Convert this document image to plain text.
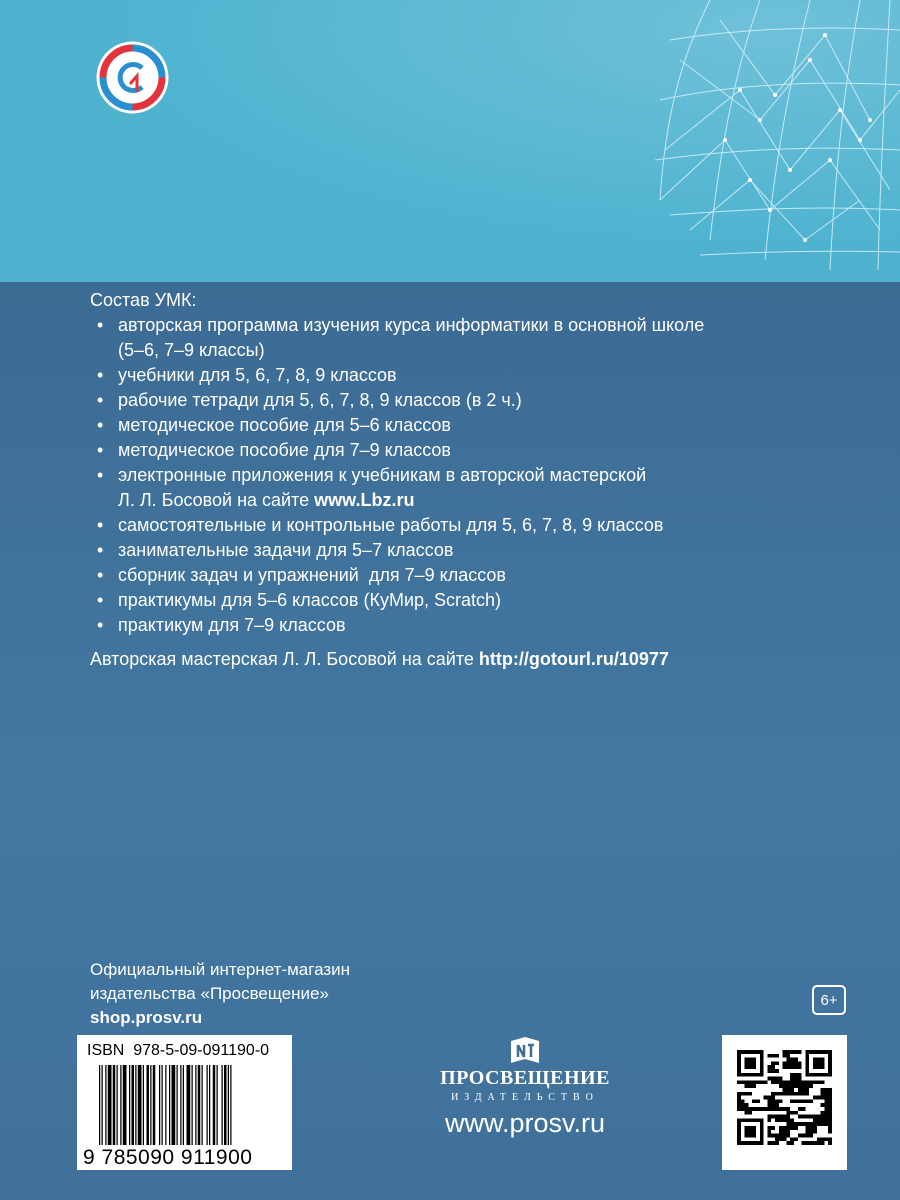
Состав УМК:
• авторская программа изучения курса информатики в основной школе
(5–6, 7–9 классы)
• учебники для 5, 6, 7, 8, 9 классов
• рабочие тетради для 5, 6, 7, 8, 9 классов (в 2 ч.)
• методическое пособие для 5–6 классов
• методическое пособие для 7–9 классов
• электронные приложения к учебникам в авторской мастерской
Л. Л. Босовой на сайте www.Lbz.ru
• самостоятельные и контрольные работы для 5, 6, 7, 8, 9 классов
• занимательные задачи для 5–7 классов
• сборник задач и упражнений  для 7–9 классов
• практикумы для 5–6 классов (КуМир, Scratch)
• практикум для 7–9 классов
Авторская мастерская Л. Л. Босовой на сайте http://gotourl.ru/10977
Официальный интернет-магазин
издательства «Просвещение»
shop.prosv.ru
6+
ISBN 978-5-09-091190-0
9 785090 911900
ПРОСВЕЩЕНИЕ
ИЗДАТЕЛЬСТВО
www.prosv.ru
